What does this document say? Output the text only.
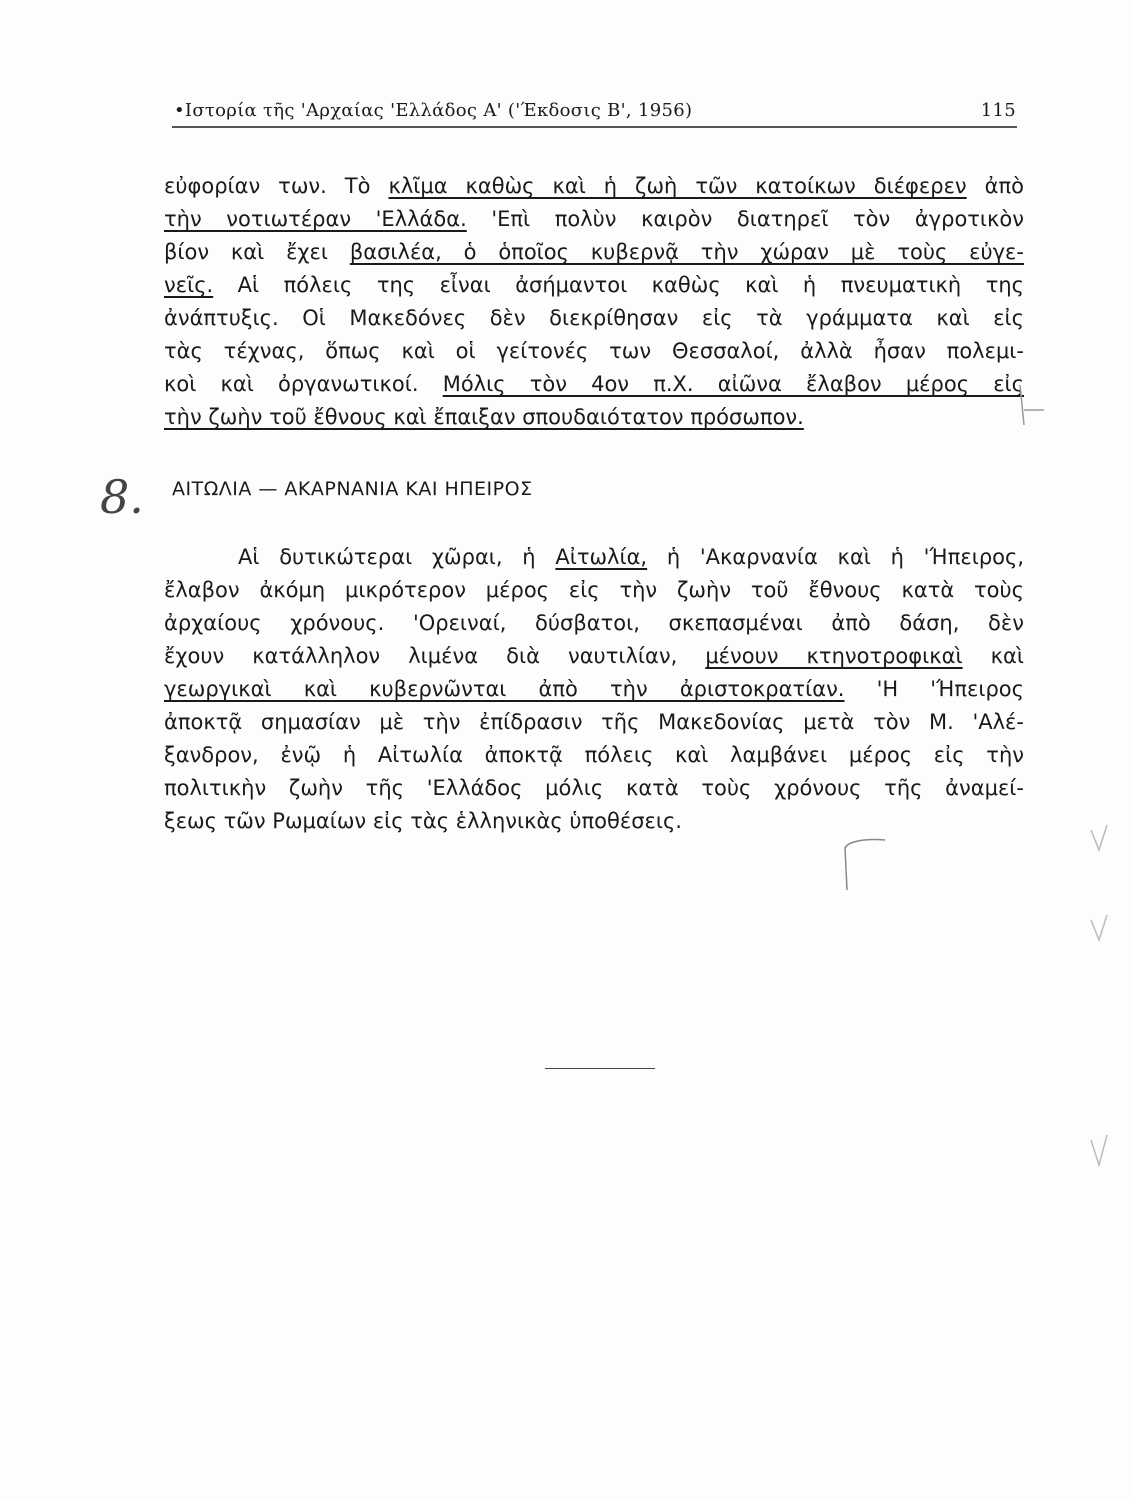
•Ιστορία τῆς 'Αρχαίας 'Ελλάδος Α' ('Έκδοσις Β', 1956)	115
εὐφορίαν των. Τὸ κλῖμα καθὼς καὶ ἡ ζωὴ τῶν κατοίκων διέφερεν ἀπὸ
τὴν νοτιωτέραν 'Ελλάδα. 'Επὶ πολὺν καιρὸν διατηρεῖ τὸν ἀγροτικὸν
βίον καὶ ἔχει βασιλέα, ὁ ὁποῖος κυβερνᾷ τὴν χώραν μὲ τοὺς εὐγε-
νεῖς. Αἱ πόλεις της εἶναι ἀσήμαντοι καθὼς καὶ ἡ πνευματικὴ της
ἀνάπτυξις. Οἱ Μακεδόνες δὲν διεκρίθησαν εἰς τὰ γράμματα καὶ εἰς
τὰς τέχνας, ὅπως καὶ οἱ γείτονές των Θεσσαλοί, ἀλλὰ ἦσαν πολεμι-
κοὶ καὶ ὀργανωτικοί. Μόλις τὸν 4ον π.Χ. αἰῶνα ἔλαβον μέρος εἰς
τὴν ζωὴν τοῦ ἔθνους καὶ ἔπαιξαν σπουδαιότατον πρόσωπον.
8. ΑΙΤΩΛΙΑ — ΑΚΑΡΝΑΝΙΑ ΚΑΙ ΗΠΕΙΡΟΣ
Αἱ δυτικώτεραι χῶραι, ἡ Αἰτωλία, ἡ 'Ακαρνανία καὶ ἡ 'Ήπειρος,
ἔλαβον ἀκόμη μικρότερον μέρος εἰς τὴν ζωὴν τοῦ ἔθνους κατὰ τοὺς
ἀρχαίους χρόνους. 'Ορειναί, δύσβατοι, σκεπασμέναι ἀπὸ δάση, δὲν
ἔχουν κατάλληλον λιμένα διὰ ναυτιλίαν, μένουν κτηνοτροφικαὶ καὶ
γεωργικαὶ καὶ κυβερνῶνται ἀπὸ τὴν ἀριστοκρατίαν. 'Η 'Ήπειρος
ἀποκτᾷ σημασίαν μὲ τὴν ἐπίδρασιν τῆς Μακεδονίας μετὰ τὸν Μ. 'Αλέ-
ξανδρον, ἐνῷ ἡ Αἰτωλία ἀποκτᾷ πόλεις καὶ λαμβάνει μέρος εἰς τὴν
πολιτικὴν ζωὴν τῆς 'Ελλάδος μόλις κατὰ τοὺς χρόνους τῆς ἀναμεί-
ξεως τῶν Ρωμαίων εἰς τὰς ἑλληνικὰς ὑποθέσεις.
